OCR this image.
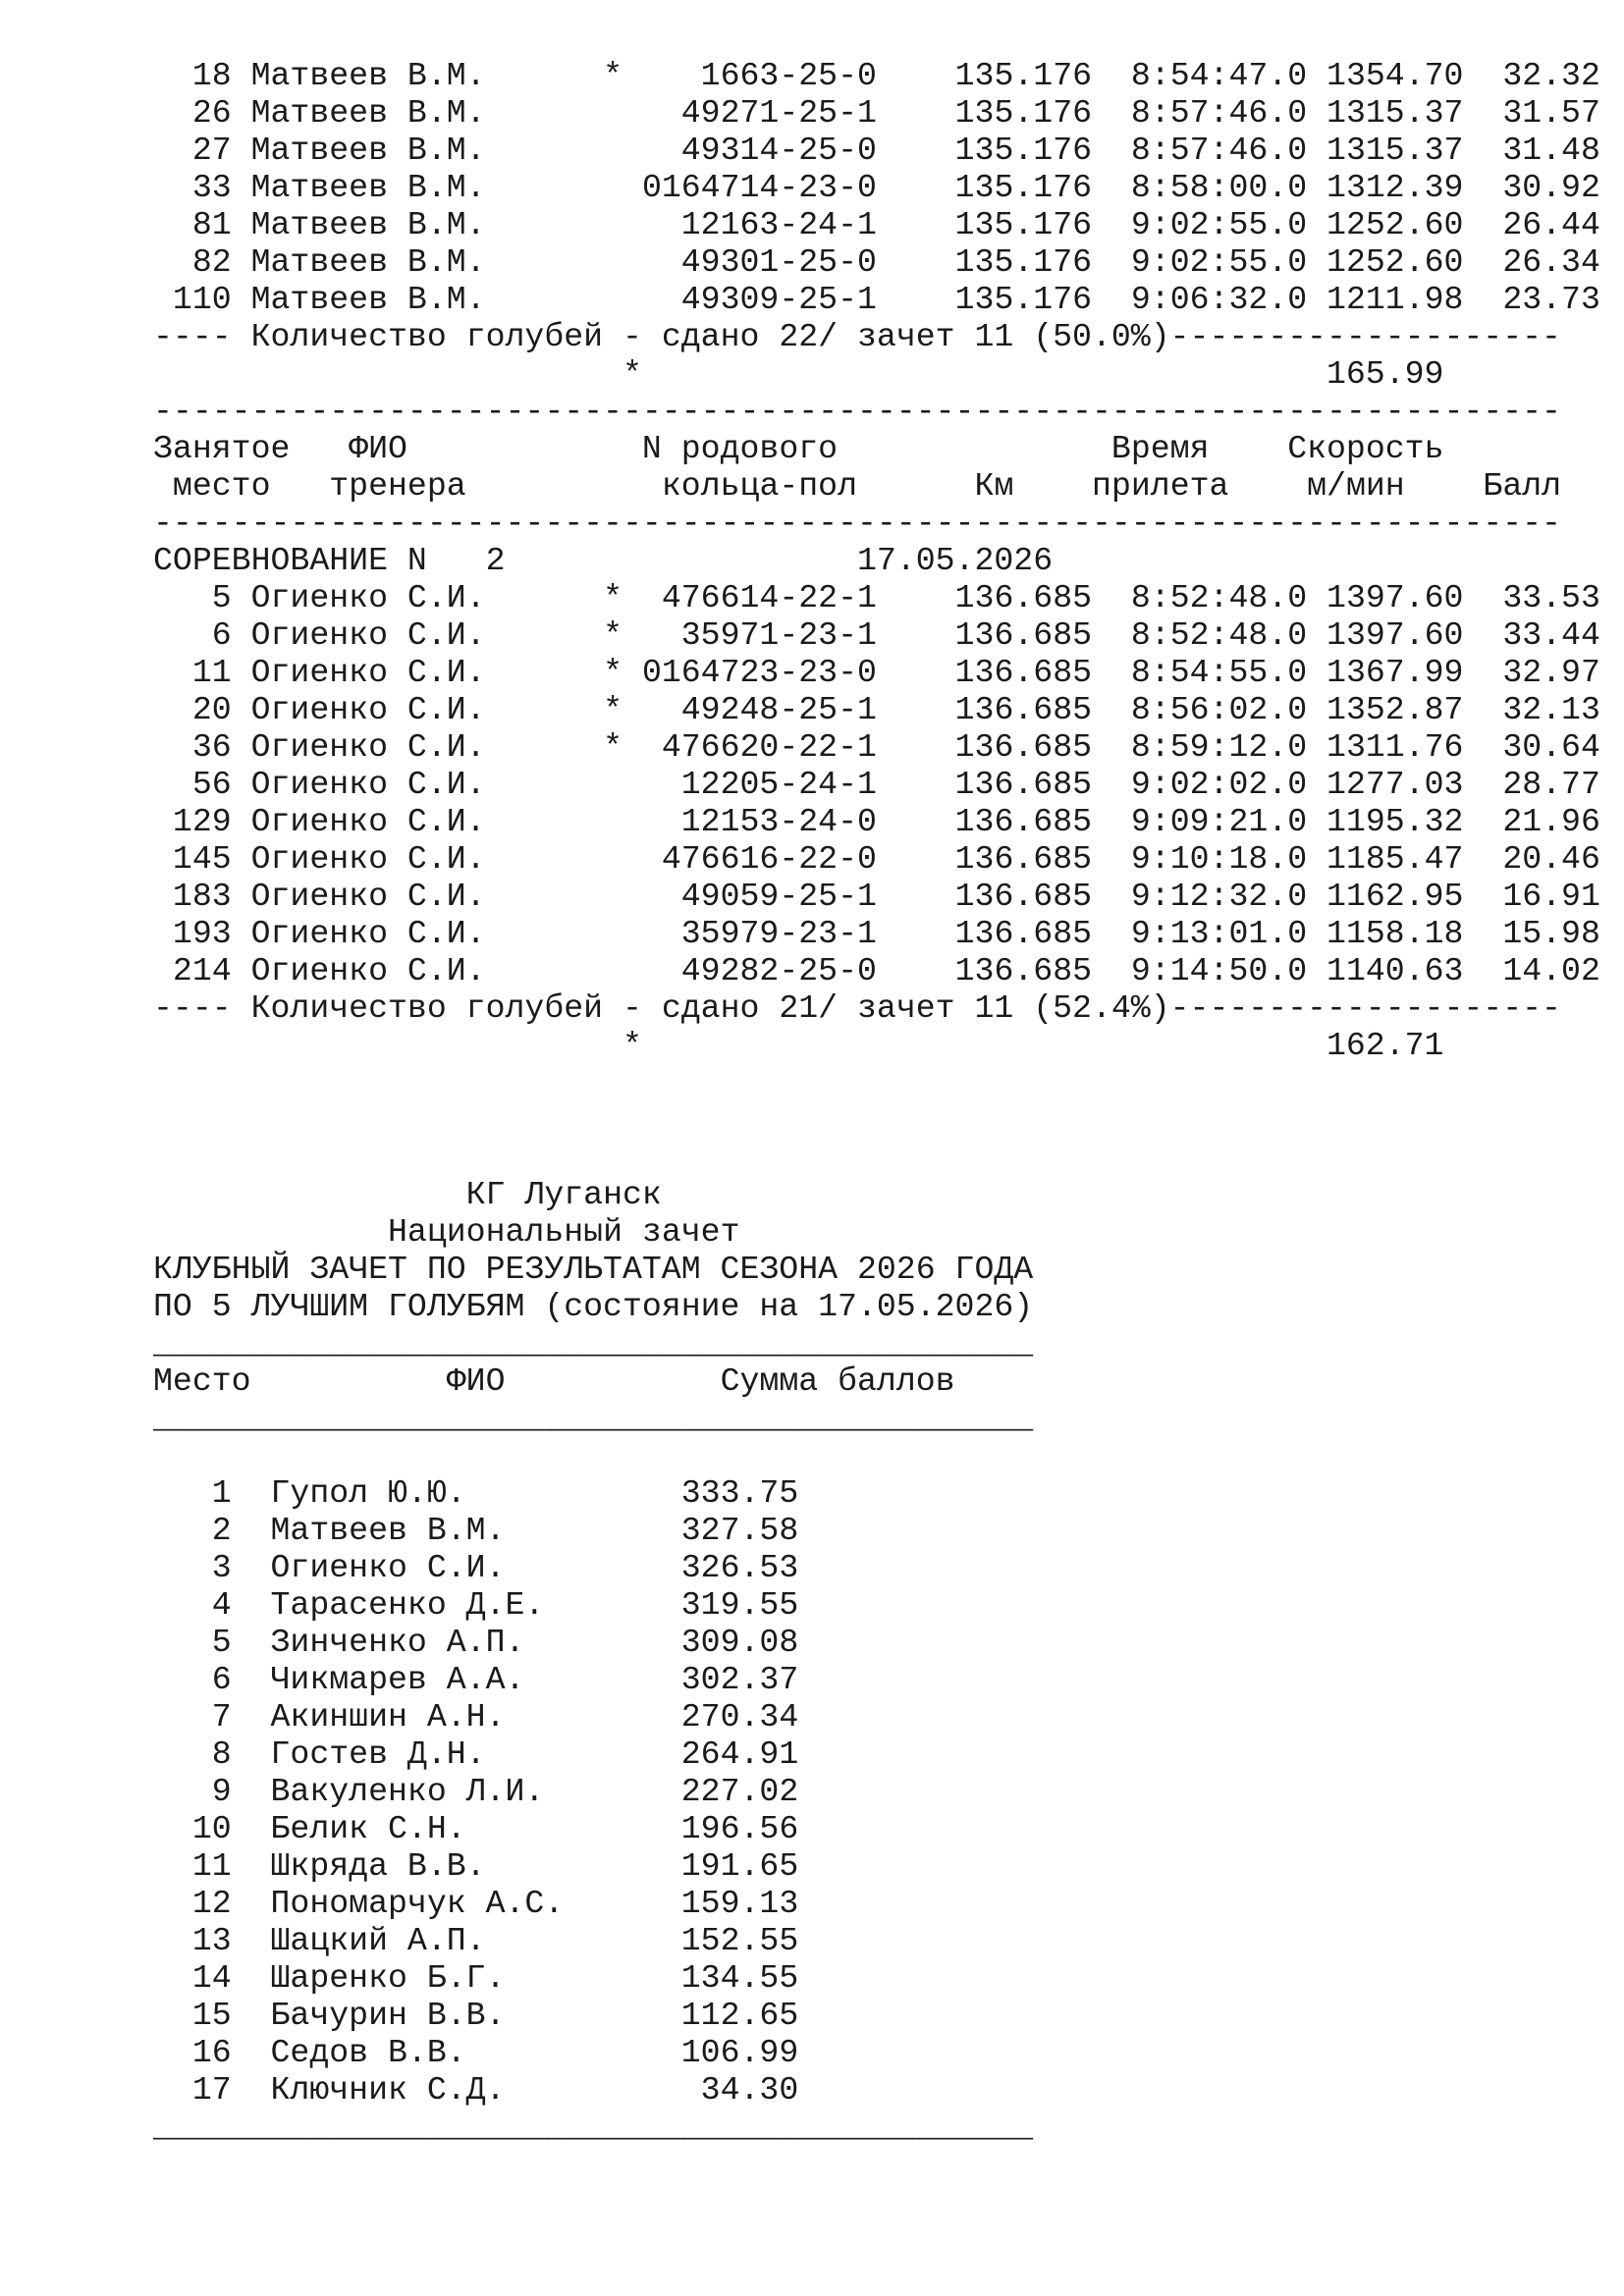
18 Матвеев В.М.	*    1663-25-0 135.176 8:54:47.0 1354.70 32.32
26 Матвеев В.М.	49271-25-1 135.176 8:57:46.0 1315.37 31.57
27 Матвеев В.М.	49314-25-0 135.176 8:57:46.0 1315.37 31.48
33 Матвеев В.М.	0164714-23-0 135.176 8:58:00.0 1312.39 30.92
81 Матвеев В.М.	12163-24-1 135.176 9:02:55.0 1252.60 26.44
82 Матвеев В.М.	49301-25-0 135.176 9:02:55.0 1252.60 26.34
110 Матвеев В.М.	49309-25-1 135.176 9:06:32.0 1211.98 23.73
---- Количество голубей - сдано 22/ зачет 11 (50.0%)--------------------
*	165.99
------------------------------------------------------------------------
Занятое ФИО	N родового	Время Скорость
место тренера	кольца-пол	Км прилета м/мин Балл
------------------------------------------------------------------------
СОРЕВНОВАНИЕ N   2	17.05.2026
5 Огиенко С.И.	*  476614-22-1 136.685 8:52:48.0 1397.60 33.53
6 Огиенко С.И.	*   35971-23-1 136.685 8:52:48.0 1397.60 33.44
11 Огиенко С.И.	* 0164723-23-0 136.685 8:54:55.0 1367.99 32.97
20 Огиенко С.И.	*   49248-25-1 136.685 8:56:02.0 1352.87 32.13
36 Огиенко С.И.	*  476620-22-1 136.685 8:59:12.0 1311.76 30.64
56 Огиенко С.И.	12205-24-1 136.685 9:02:02.0 1277.03 28.77
129 Огиенко С.И.	12153-24-0 136.685 9:09:21.0 1195.32 21.96
145 Огиенко С.И.	476616-22-0 136.685 9:10:18.0 1185.47 20.46
183 Огиенко С.И.	49059-25-1 136.685 9:12:32.0 1162.95 16.91
193 Огиенко С.И.	35979-23-1 136.685 9:13:01.0 1158.18 15.98
214 Огиенко С.И.	49282-25-0 136.685 9:14:50.0 1140.63 14.02
---- Количество голубей - сдано 21/ зачет 11 (52.4%)--------------------
*	162.71
КГ Луганск
Национальный зачет
КЛУБНЫЙ ЗАЧЕТ ПО РЕЗУЛЬТАТАМ СЕЗОНА 2026 ГОДА
ПО 5 ЛУЧШИМ ГОЛУБЯМ (состояние на 17.05.2026)
_____________________________________________
Место	ФИО	Сумма баллов
_____________________________________________
1 Гупол Ю.Ю.           333.75
2 Матвеев В.М.         327.58
3 Огиенко С.И.         326.53
4 Тарасенко Д.Е.       319.55
5 Зинченко А.П.        309.08
6 Чикмарев А.А.        302.37
7 Акиншин А.Н.         270.34
8 Гостев Д.Н.          264.91
9 Вакуленко Л.И.       227.02
10 Белик С.Н.           196.56
11 Шкряда В.В.          191.65
12 Пономарчук А.С.      159.13
13 Шацкий А.П.          152.55
14 Шаренко Б.Г.         134.55
15 Бачурин В.В.         112.65
16 Седов В.В.           106.99
17 Ключник С.Д.          34.30
_____________________________________________
